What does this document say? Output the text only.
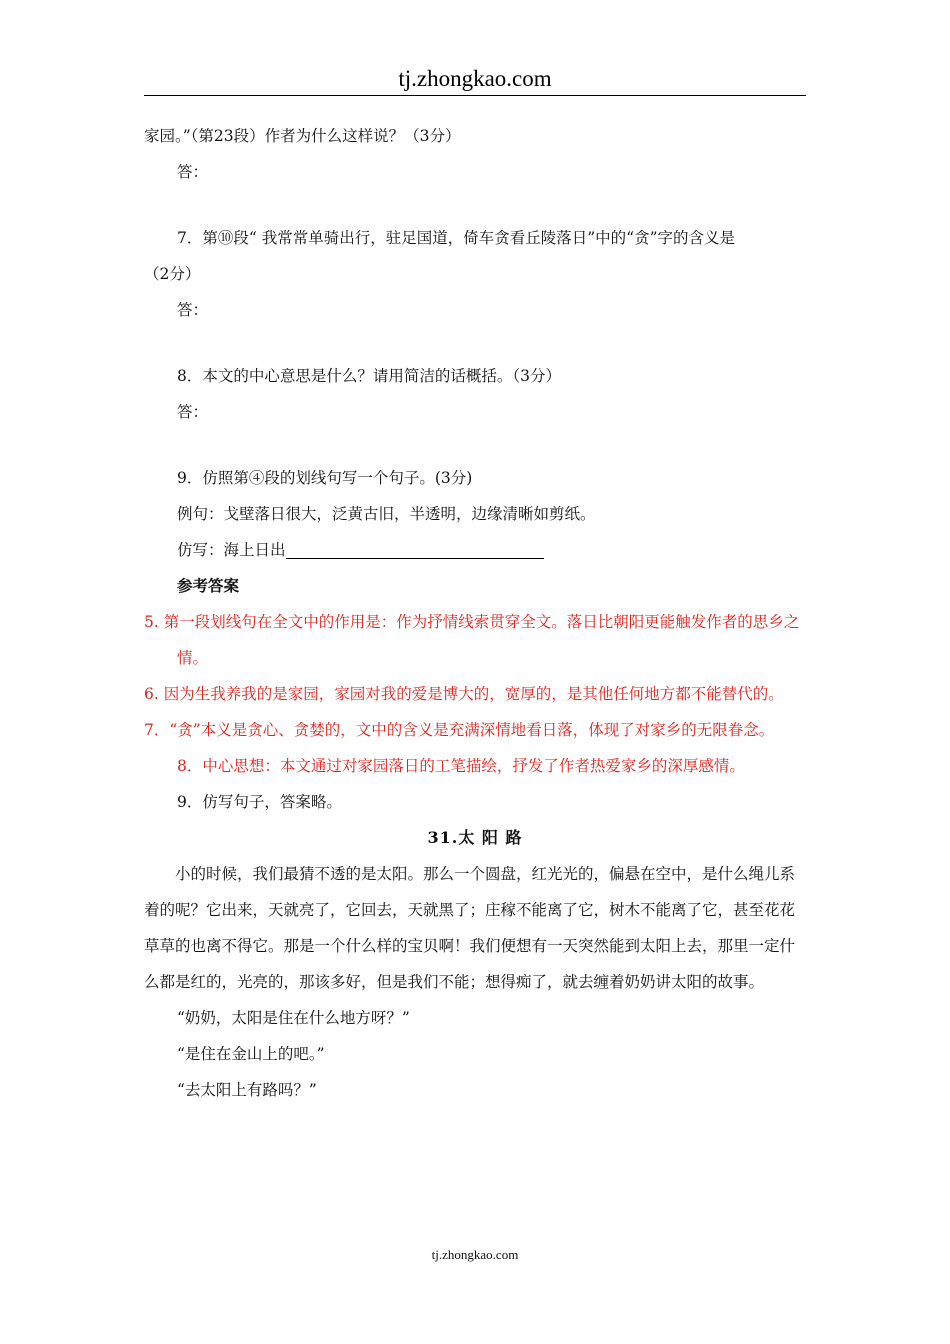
tj.zhongkao.com

家园。”（第23段）作者为什么这样说？（3分）

答：

7．第⑩段“ 我常常单骑出行，驻足国道，倚车贪看丘陵落日”中的“贪”字的含义是

（2分）

答：

8．本文的中心意思是什么？请用简洁的话概括。（3分）

答：

9．仿照第④段的划线句写一个句子。(3分)

例句：戈壁落日很大，泛黄古旧，半透明，边缘清晰如剪纸。

仿写：海上日出

参考答案

5. 第一段划线句在全文中的作用是：作为抒情线索贯穿全文。落日比朝阳更能触发作者的思乡之情。

6. 因为生我养我的是家园，家园对我的爱是博大的，宽厚的，是其他任何地方都不能替代的。

7．“贪”本义是贪心、贪婪的，文中的含义是充满深情地看日落，体现了对家乡的无限眷念。

8．中心思想：本文通过对家园落日的工笔描绘，抒发了作者热爱家乡的深厚感情。

9．仿写句子，答案略。

31.太 阳 路

小的时候，我们最猜不透的是太阳。那么一个圆盘，红光光的，偏悬在空中，是什么绳儿系着的呢？它出来，天就亮了，它回去，天就黑了；庄稼不能离了它，树木不能离了它，甚至花花草草的也离不得它。那是一个什么样的宝贝啊！我们便想有一天突然能到太阳上去，那里一定什么都是红的，光亮的，那该多好，但是我们不能；想得痴了，就去缠着奶奶讲太阳的故事。

“奶奶，太阳是住在什么地方呀？”

“是住在金山上的吧。”

“去太阳上有路吗？”

tj.zhongkao.com
